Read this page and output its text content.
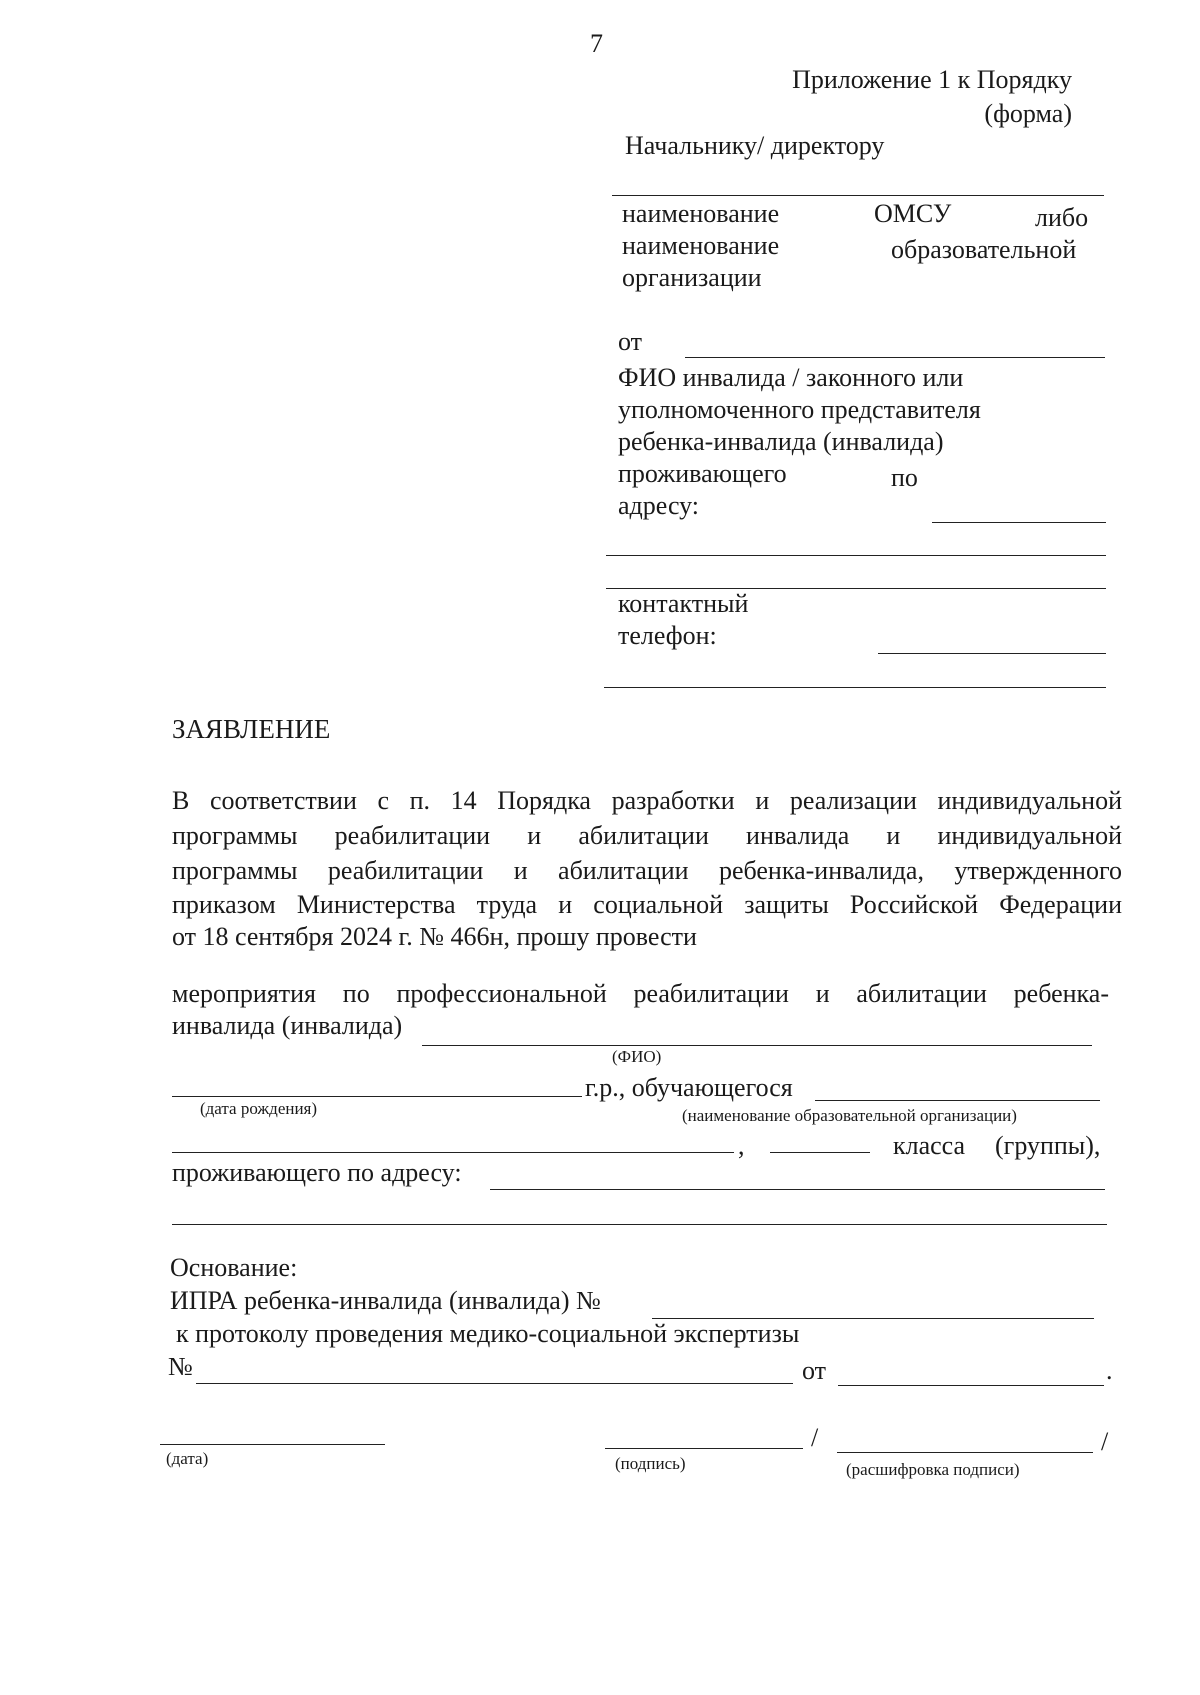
7
Приложение 1 к Порядку
(форма)
Начальнику/ директору
наименование	ОМСУ	либо
наименование	образовательной
организации
от
ФИО инвалида / законного или
уполномоченного представителя
ребенка-инвалида (инвалида)
проживающего	по
адресу:
контактный
телефон:
ЗАЯВЛЕНИЕ
В соответствии с п. 14 Порядка разработки и реализации индивидуальной
программы реабилитации и абилитации инвалида и индивидуальной
программы реабилитации и абилитации ребенка-инвалида, утвержденного
приказом Министерства труда и социальной защиты Российской Федерации
от 18 сентября 2024 г. № 466н, прошу провести
мероприятия по профессиональной реабилитации и абилитации ребенка-
инвалида (инвалида)
(ФИО)
г.р., обучающегося
(дата рождения)	(наименование образовательной организации)
,	класса (группы),
проживающего по адресу:
Основание:
ИПРА ребенка-инвалида (инвалида) №
к протоколу проведения медико-социальной экспертизы
№	от	.
(дата)
/
(подпись)
/
(расшифровка подписи)
